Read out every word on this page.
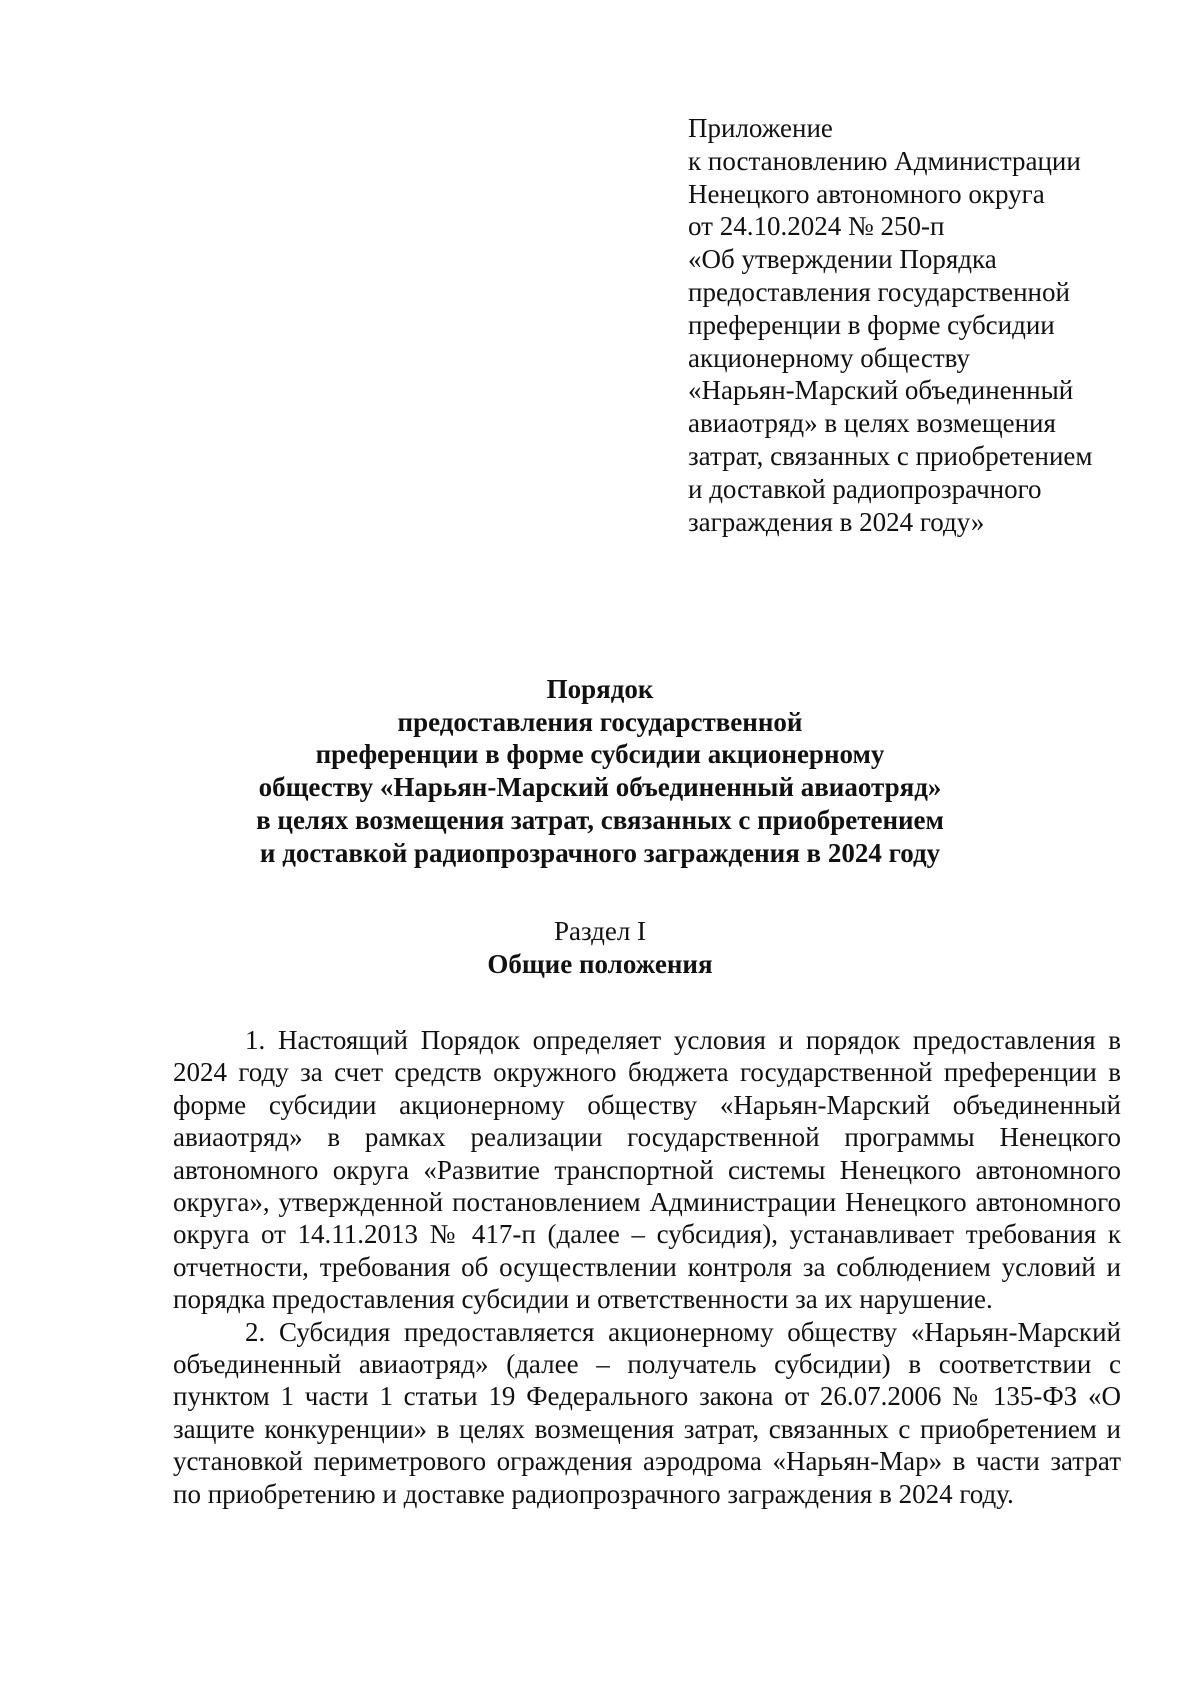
Приложение
к постановлению Администрации
Ненецкого автономного округа
от 24.10.2024 № 250-п
«Об утверждении Порядка
предоставления государственной
преференции в форме субсидии
акционерному обществу
«Нарьян-Марский объединенный
авиаотряд» в целях возмещения
затрат, связанных с приобретением
и доставкой радиопрозрачного
заграждения в 2024 году»
Порядок
предоставления государственной
преференции в форме субсидии акционерному
обществу «Нарьян-Марский объединенный авиаотряд»
в целях возмещения затрат, связанных с приобретением
и доставкой радиопрозрачного заграждения в 2024 году
Раздел I
Общие положения

1. Настоящий Порядок определяет условия и порядок предоставления в 2024 году за счет средств окружного бюджета государственной преференции в форме субсидии акционерному обществу «Нарьян-Марский объединенный авиаотряд» в рамках реализации государственной программы Ненецкого автономного округа «Развитие транспортной системы Ненецкого автономного округа», утвержденной постановлением Администрации Ненецкого автономного округа от 14.11.2013 № 417-п (далее – субсидия), устанавливает требования к отчетности, требования об осуществлении контроля за соблюдением условий и порядка предоставления субсидии и ответственности за их нарушение.

2. Субсидия предоставляется акционерному обществу «Нарьян-Марский объединенный авиаотряд» (далее – получатель субсидии) в соответствии с пунктом 1 части 1 статьи 19 Федерального закона от 26.07.2006 № 135-ФЗ «О защите конкуренции» в целях возмещения затрат, связанных с приобретением и установкой периметрового ограждения аэродрома «Нарьян-Мар» в части затрат по приобретению и доставке радиопрозрачного заграждения в 2024 году.
